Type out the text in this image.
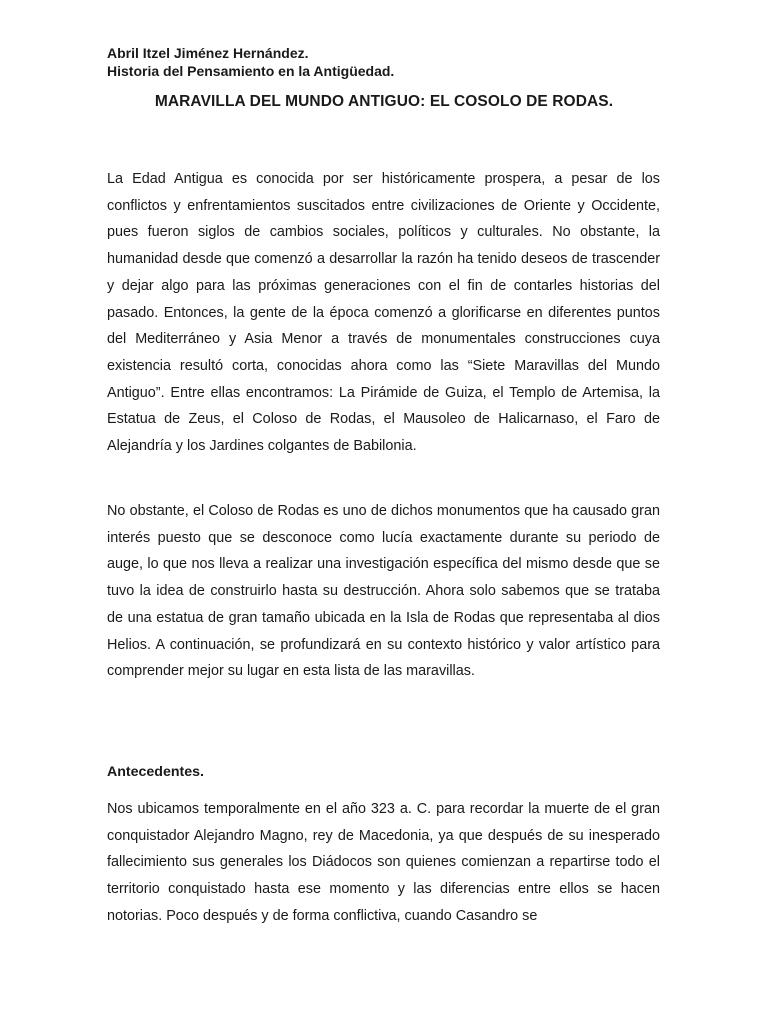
Abril Itzel Jiménez Hernández.
Historia del Pensamiento en la Antigüedad.
MARAVILLA DEL MUNDO ANTIGUO: EL COSOLO DE RODAS.

La Edad Antigua es conocida por ser históricamente prospera, a pesar de los conflictos y enfrentamientos suscitados entre civilizaciones de Oriente y Occidente, pues fueron siglos de cambios sociales, políticos y culturales. No obstante, la humanidad desde que comenzó a desarrollar la razón ha tenido deseos de trascender y dejar algo para las próximas generaciones con el fin de contarles historias del pasado. Entonces, la gente de la época comenzó a glorificarse en diferentes puntos del Mediterráneo y Asia Menor a través de monumentales construcciones cuya existencia resultó corta, conocidas ahora como las “Siete Maravillas del Mundo Antiguo”. Entre ellas encontramos: La Pirámide de Guiza, el Templo de Artemisa, la Estatua de Zeus, el Coloso de Rodas, el Mausoleo de Halicarnaso, el Faro de Alejandría y los Jardines colgantes de Babilonia.

No obstante, el Coloso de Rodas es uno de dichos monumentos que ha causado gran interés puesto que se desconoce como lucía exactamente durante su periodo de auge, lo que nos lleva a realizar una investigación específica del mismo desde que se tuvo la idea de construirlo hasta su destrucción. Ahora solo sabemos que se trataba de una estatua de gran tamaño ubicada en la Isla de Rodas que representaba al dios Helios. A continuación, se profundizará en su contexto histórico y valor artístico para comprender mejor su lugar en esta lista de las maravillas.

Antecedentes.

Nos ubicamos temporalmente en el año 323 a. C. para recordar la muerte de el gran conquistador Alejandro Magno, rey de Macedonia, ya que después de su inesperado fallecimiento sus generales los Diádocos son quienes comienzan a repartirse todo el territorio conquistado hasta ese momento y las diferencias entre ellos se hacen notorias. Poco después y de forma conflictiva, cuando Casandro se
